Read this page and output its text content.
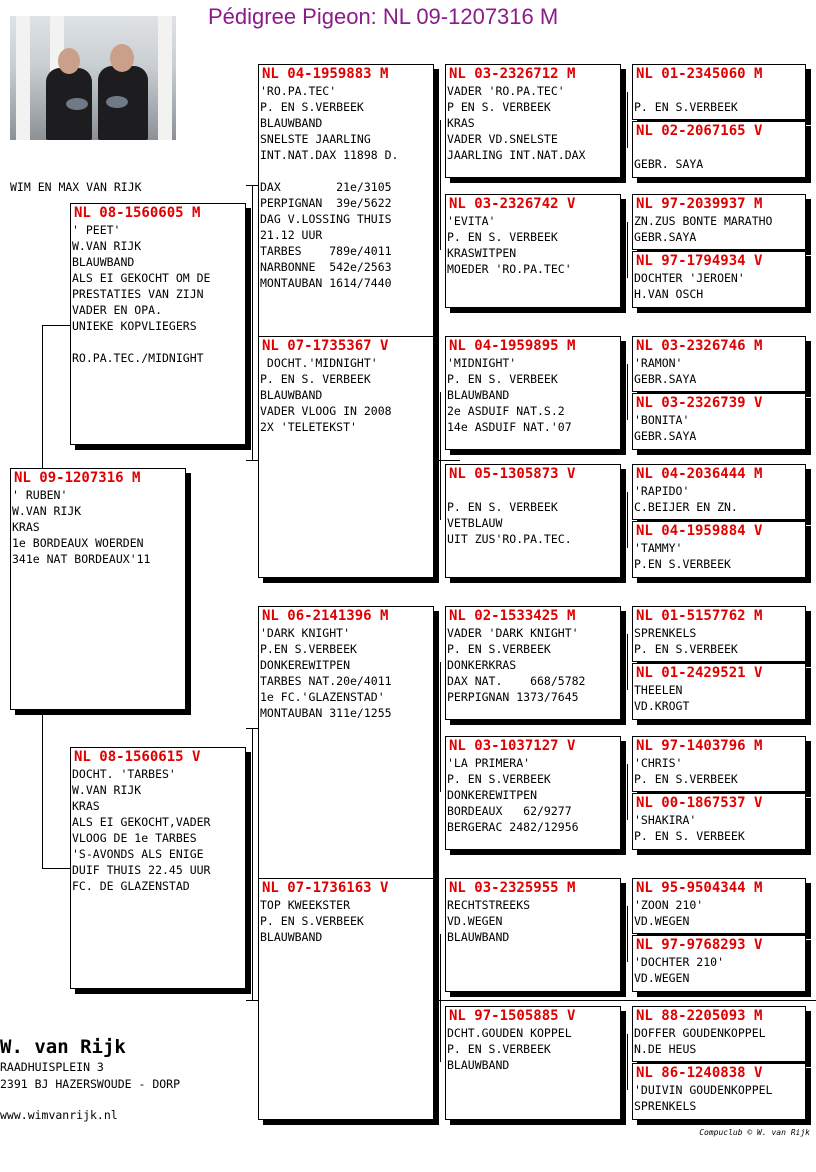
Pédigree Pigeon: NL 09-1207316 M
WIM EN MAX VAN RIJK
NL 09-1207316 M
' RUBEN'
W.VAN RIJK
KRAS
1e BORDEAUX WOERDEN
341e NAT BORDEAUX'11
NL 08-1560605 M
' PEET'
W.VAN RIJK
BLAUWBAND
ALS EI GEKOCHT OM DE
PRESTATIES VAN ZIJN
VADER EN OPA.
UNIEKE KOPVLIEGERS

RO.PA.TEC./MIDNIGHT
NL 08-1560615 V
DOCHT. 'TARBES'
W.VAN RIJK
KRAS
ALS EI GEKOCHT,VADER
VLOOG DE 1e TARBES
'S-AVONDS ALS ENIGE
DUIF THUIS 22.45 UUR
FC. DE GLAZENSTAD
NL 04-1959883 M
'RO.PA.TEC'
P. EN S.VERBEEK
BLAUWBAND
SNELSTE JAARLING
INT.NAT.DAX 11898 D.

DAX        21e/3105
PERPIGNAN  39e/5622
DAG V.LOSSING THUIS
21.12 UUR
TARBES    789e/4011
NARBONNE  542e/2563
MONTAUBAN 1614/7440
NL 07-1735367 V
DOCHT.'MIDNIGHT'
P. EN S. VERBEEK
BLAUWBAND
VADER VLOOG IN 2008
2X 'TELETEKST'
NL 06-2141396 M
'DARK KNIGHT'
P.EN S.VERBEEK
DONKEREWITPEN
TARBES NAT.20e/4011
1e FC.'GLAZENSTAD'
MONTAUBAN 311e/1255
NL 07-1736163 V
TOP KWEEKSTER
P. EN S.VERBEEK
BLAUWBAND
NL 03-2326712 M
VADER 'RO.PA.TEC'
P EN S. VERBEEK
KRAS
VADER VD.SNELSTE
JAARLING INT.NAT.DAX
NL 03-2326742 V
'EVITA'
P. EN S. VERBEEK
KRASWITPEN
MOEDER 'RO.PA.TEC'
NL 04-1959895 M
'MIDNIGHT'
P. EN S. VERBEEK
BLAUWBAND
2e ASDUIF NAT.S.2
14e ASDUIF NAT.'07
NL 05-1305873 V

P. EN S. VERBEEK
VETBLAUW
UIT ZUS'RO.PA.TEC.
NL 02-1533425 M
VADER 'DARK KNIGHT'
P. EN S.VERBEEK
DONKERKRAS
DAX NAT.    668/5782
PERPIGNAN 1373/7645
NL 03-1037127 V
'LA PRIMERA'
P. EN S.VERBEEK
DONKEREWITPEN
BORDEAUX   62/9277
BERGERAC 2482/12956
NL 03-2325955 M
RECHTSTREEKS
VD.WEGEN
BLAUWBAND
NL 97-1505885 V
DCHT.GOUDEN KOPPEL
P. EN S.VERBEEK
BLAUWBAND
NL 01-2345060 M

P. EN S.VERBEEK
NL 02-2067165 V

GEBR. SAYA
NL 97-2039937 M
ZN.ZUS BONTE MARATHO
GEBR.SAYA
NL 97-1794934 V
DOCHTER 'JEROEN'
H.VAN OSCH
NL 03-2326746 M
'RAMON'
GEBR.SAYA
NL 03-2326739 V
'BONITA'
GEBR.SAYA
NL 04-2036444 M
'RAPIDO'
C.BEIJER EN ZN.
NL 04-1959884 V
'TAMMY'
P.EN S.VERBEEK
NL 01-5157762 M
SPRENKELS
P. EN S.VERBEEK
NL 01-2429521 V
THEELEN
VD.KROGT
NL 97-1403796 M
'CHRIS'
P. EN S.VERBEEK
NL 00-1867537 V
'SHAKIRA'
P. EN S. VERBEEK
NL 95-9504344 M
'ZOON 210'
VD.WEGEN
NL 97-9768293 V
'DOCHTER 210'
VD.WEGEN
NL 88-2205093 M
DOFFER GOUDENKOPPEL
N.DE HEUS
NL 86-1240838 V
'DUIVIN GOUDENKOPPEL
SPRENKELS
W. van Rijk
RAADHUISPLEIN 3
2391 BJ HAZERSWOUDE - DORP
www.wimvanrijk.nl
Compuclub © W. van Rijk
